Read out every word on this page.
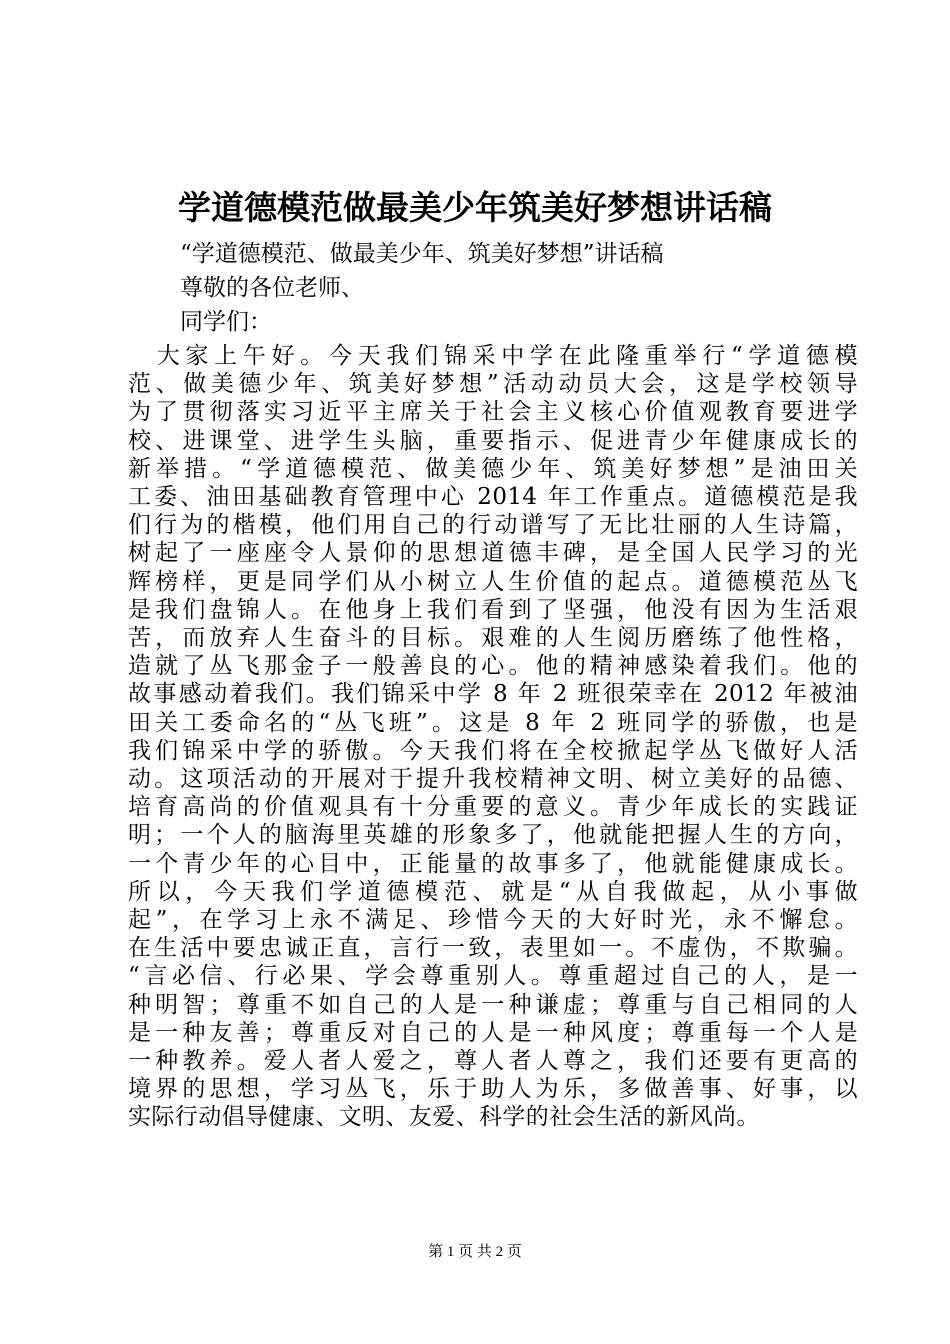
学道德模范做最美少年筑美好梦想讲话稿
“学道德模范、做最美少年、筑美好梦想”讲话稿
尊敬的各位老师、
同学们：
　大家上午好。今天我们锦采中学在此隆重举行“学道德模
范、做美德少年、筑美好梦想”活动动员大会，这是学校领导
为了贯彻落实习近平主席关于社会主义核心价值观教育要进学
校、进课堂、进学生头脑，重要指示、促进青少年健康成长的
新举措。“学道德模范、做美德少年、筑美好梦想”是油田关
工委、油田基础教育管理中心 2014 年工作重点。道德模范是我
们行为的楷模，他们用自己的行动谱写了无比壮丽的人生诗篇，
树起了一座座令人景仰的思想道德丰碑，是全国人民学习的光
辉榜样，更是同学们从小树立人生价值的起点。道德模范丛飞
是我们盘锦人。在他身上我们看到了坚强，他没有因为生活艰
苦，而放弃人生奋斗的目标。艰难的人生阅历磨练了他性格，
造就了丛飞那金子一般善良的心。他的精神感染着我们。他的
故事感动着我们。我们锦采中学 8 年 2 班很荣幸在 2012 年被油
田关工委命名的“丛飞班”。这是 8 年 2 班同学的骄傲，也是
我们锦采中学的骄傲。今天我们将在全校掀起学丛飞做好人活
动。这项活动的开展对于提升我校精神文明、树立美好的品德、
培育高尚的价值观具有十分重要的意义。青少年成长的实践证
明；一个人的脑海里英雄的形象多了，他就能把握人生的方向，
一个青少年的心目中，正能量的故事多了，他就能健康成长。
所以，今天我们学道德模范、就是“从自我做起，从小事做
起”，在学习上永不满足、珍惜今天的大好时光，永不懈怠。
在生活中要忠诚正直，言行一致，表里如一。不虚伪，不欺骗。
“言必信、行必果、学会尊重别人。尊重超过自己的人，是一
种明智；尊重不如自己的人是一种谦虚；尊重与自己相同的人
是一种友善；尊重反对自己的人是一种风度；尊重每一个人是
一种教养。爱人者人爱之，尊人者人尊之，我们还要有更高的
境界的思想，学习丛飞，乐于助人为乐，多做善事、好事，以
实际行动倡导健康、文明、友爱、科学的社会生活的新风尚。
第 1 页 共 2 页
